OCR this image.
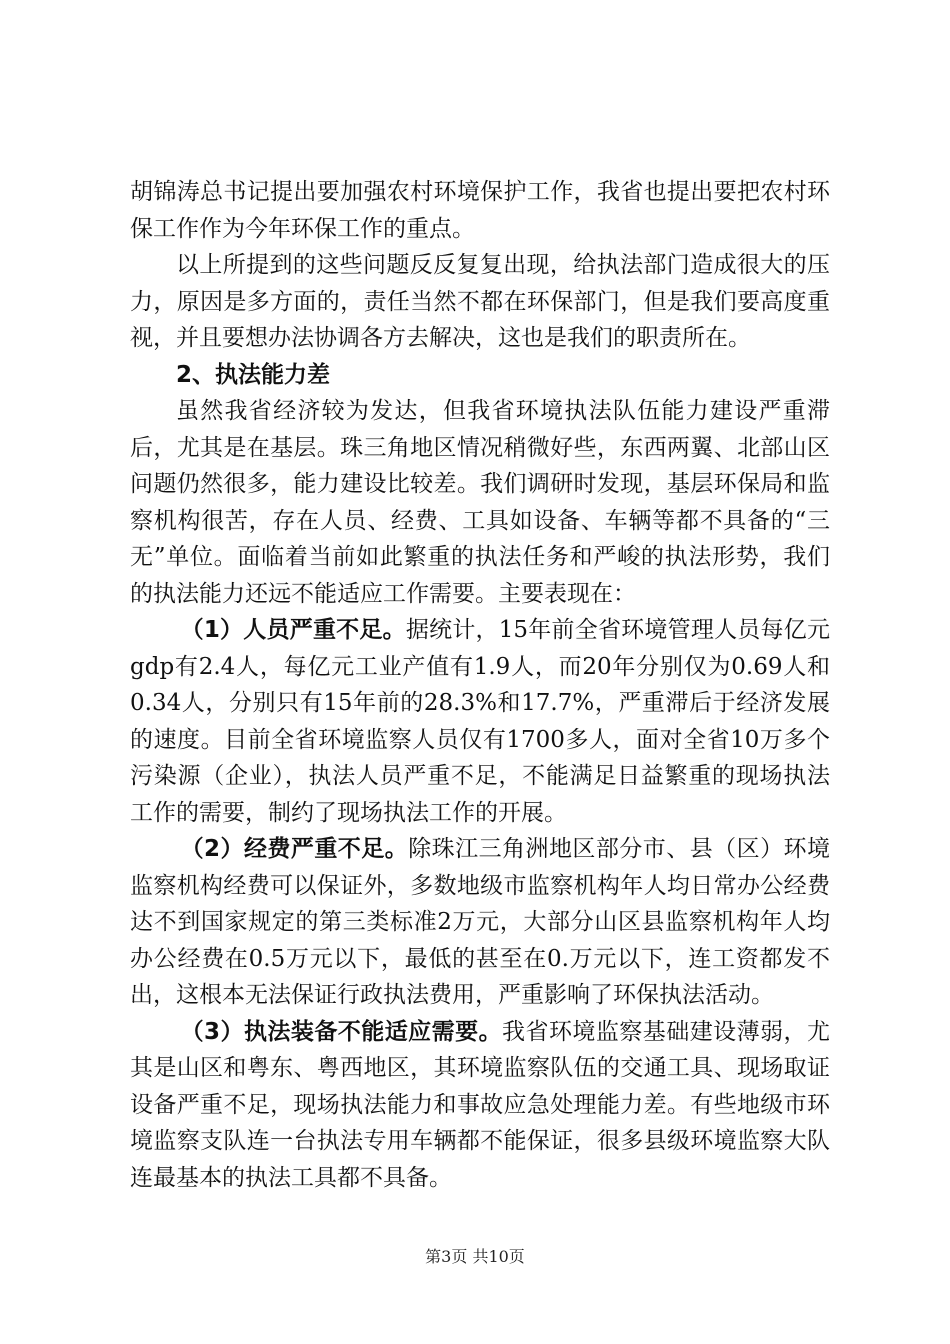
胡锦涛总书记提出要加强农村环境保护工作，我省也提出要把农村环保工作作为今年环保工作的重点。

以上所提到的这些问题反反复复出现，给执法部门造成很大的压力，原因是多方面的，责任当然不都在环保部门，但是我们要高度重视，并且要想办法协调各方去解决，这也是我们的职责所在。

2、执法能力差

虽然我省经济较为发达，但我省环境执法队伍能力建设严重滞后，尤其是在基层。珠三角地区情况稍微好些，东西两翼、北部山区问题仍然很多，能力建设比较差。我们调研时发现，基层环保局和监察机构很苦，存在人员、经费、工具如设备、车辆等都不具备的“三无”单位。面临着当前如此繁重的执法任务和严峻的执法形势，我们的执法能力还远不能适应工作需要。主要表现在：

（1）人员严重不足。据统计，15年前全省环境管理人员每亿元gdp有2.4人，每亿元工业产值有1.9人，而20年分别仅为0.69人和0.34人，分别只有15年前的28.3%和17.7%，严重滞后于经济发展的速度。目前全省环境监察人员仅有1700多人，面对全省10万多个污染源（企业），执法人员严重不足，不能满足日益繁重的现场执法工作的需要，制约了现场执法工作的开展。

（2）经费严重不足。除珠江三角洲地区部分市、县（区）环境监察机构经费可以保证外，多数地级市监察机构年人均日常办公经费达不到国家规定的第三类标准2万元，大部分山区县监察机构年人均办公经费在0.5万元以下，最低的甚至在0.万元以下，连工资都发不出，这根本无法保证行政执法费用，严重影响了环保执法活动。

（3）执法装备不能适应需要。我省环境监察基础建设薄弱，尤其是山区和粤东、粤西地区，其环境监察队伍的交通工具、现场取证设备严重不足，现场执法能力和事故应急处理能力差。有些地级市环境监察支队连一台执法专用车辆都不能保证，很多县级环境监察大队连最基本的执法工具都不具备。

第3页 共10页
